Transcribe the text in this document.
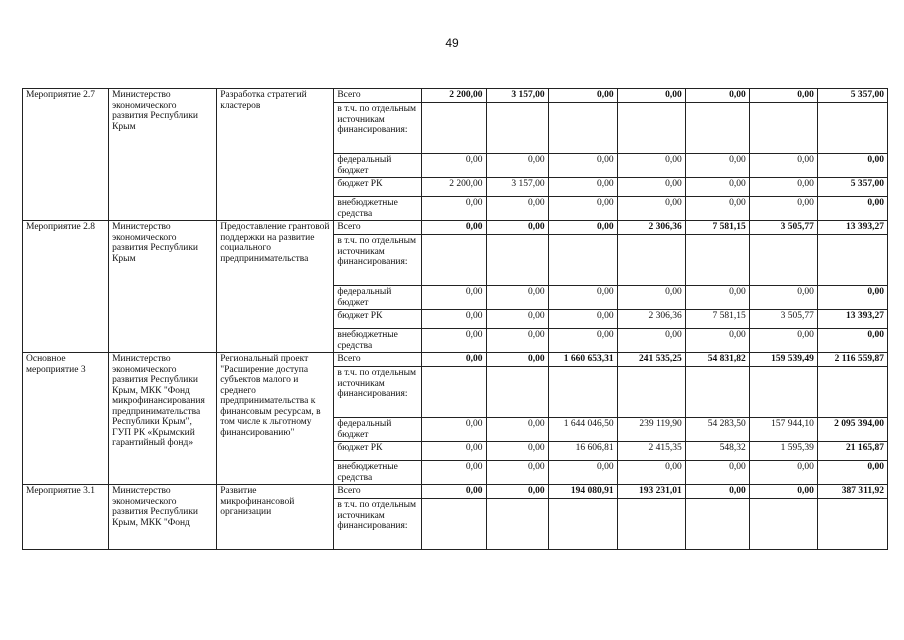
49
Мероприятие 2.7	Министерство экономического развития Республики Крым	Разработка стратегий кластеров	Всего	2 200,00	3 157,00	0,00	0,00	0,00	0,00	5 357,00
			в т.ч. по отдельным источникам финансирования:							
			федеральный бюджет	0,00	0,00	0,00	0,00	0,00	0,00	0,00
			бюджет РК	2 200,00	3 157,00	0,00	0,00	0,00	0,00	5 357,00
			внебюджетные средства	0,00	0,00	0,00	0,00	0,00	0,00	0,00
Мероприятие 2.8	Министерство экономического развития Республики Крым	Предоставление грантовой поддержки на развитие социального предпринимательства	Всего	0,00	0,00	0,00	2 306,36	7 581,15	3 505,77	13 393,27
			в т.ч. по отдельным источникам финансирования:							
			федеральный бюджет	0,00	0,00	0,00	0,00	0,00	0,00	0,00
			бюджет РК	0,00	0,00	0,00	2 306,36	7 581,15	3 505,77	13 393,27
			внебюджетные средства	0,00	0,00	0,00	0,00	0,00	0,00	0,00
Основное мероприятие 3	Министерство экономического развития Республики Крым, МКК "Фонд микрофинансирования предпринимательства Республики Крым", ГУП РК «Крымский гарантийный фонд»	Региональный проект "Расширение доступа субъектов малого и среднего предпринимательства к финансовым ресурсам, в том числе к льготному финансированию"	Всего	0,00	0,00	1 660 653,31	241 535,25	54 831,82	159 539,49	2 116 559,87
			в т.ч. по отдельным источникам финансирования:							
			федеральный бюджет	0,00	0,00	1 644 046,50	239 119,90	54 283,50	157 944,10	2 095 394,00
			бюджет РК	0,00	0,00	16 606,81	2 415,35	548,32	1 595,39	21 165,87
			внебюджетные средства	0,00	0,00	0,00	0,00	0,00	0,00	0,00
Мероприятие 3.1	Министерство экономического развития Республики Крым, МКК "Фонд	Развитие микрофинансовой организации	Всего	0,00	0,00	194 080,91	193 231,01	0,00	0,00	387 311,92
			в т.ч. по отдельным источникам финансирования:							
